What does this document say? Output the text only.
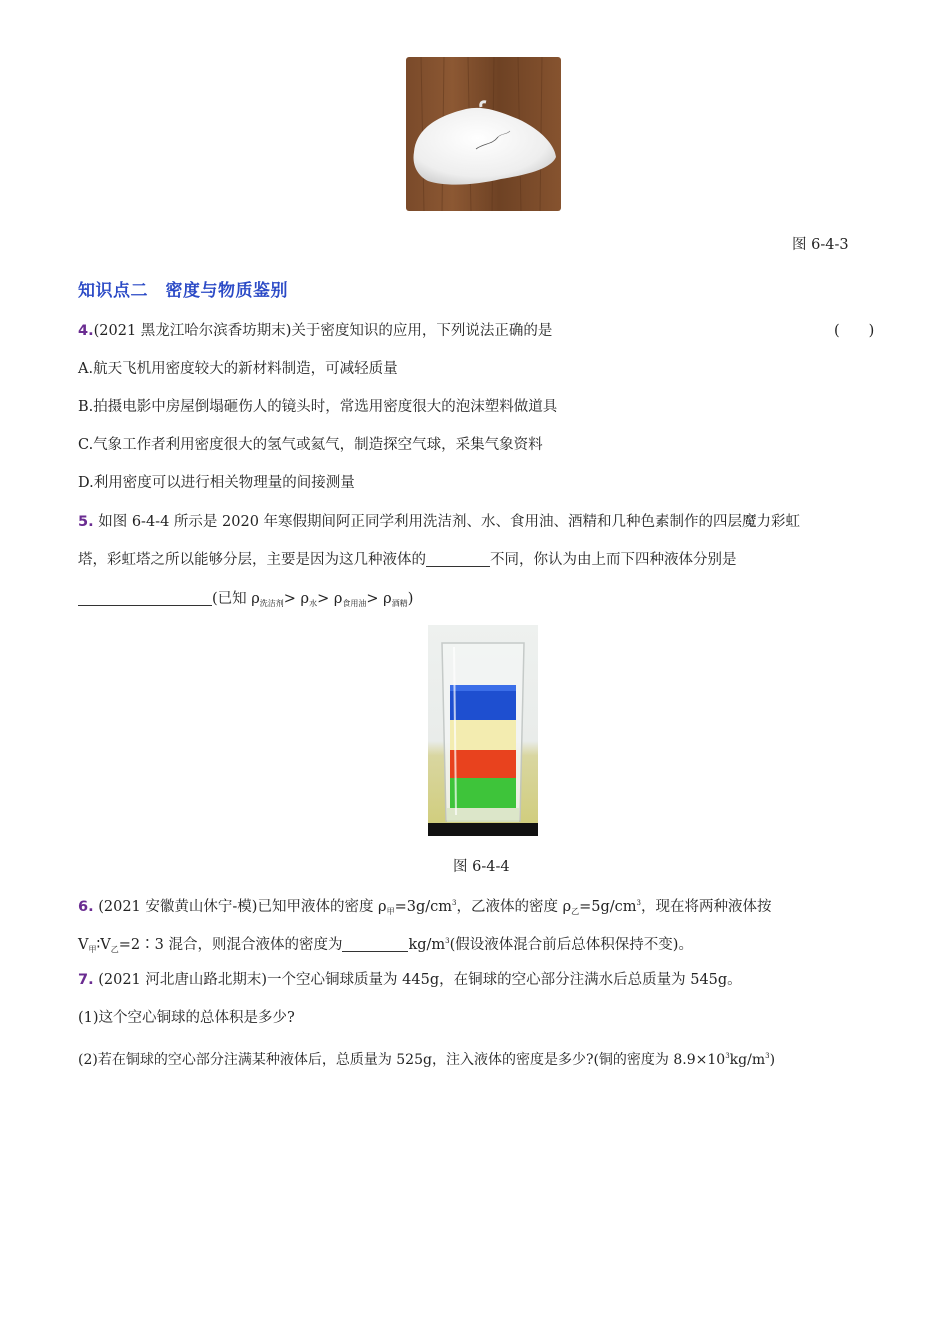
图 6-4-3
知识点二　密度与物质鉴别
4.(2021 黑龙江哈尔滨香坊期末)关于密度知识的应用，下列说法正确的是	(　　)
A.航天飞机用密度较大的新材料制造，可减轻质量
B.拍摄电影中房屋倒塌砸伤人的镜头时，常选用密度很大的泡沫塑料做道具
C.气象工作者利用密度很大的氢气或氦气，制造探空气球，采集气象资料
D.利用密度可以进行相关物理量的间接测量
5. 如图 6-4-4 所示是 2020 年寒假期间阿正同学利用洗洁剂、水、食用油、酒精和几种色素制作的四层魔力彩虹
塔，彩虹塔之所以能够分层，主要是因为这几种液体的	不同，你认为由上而下四种液体分别是
(已知 $\rho_{洗洁剂}> \rho_水> \rho_{食用油}> \rho_{酒精}$)
图 6-4-4
6. (2021 安徽黄山休宁-模)已知甲液体的密度 $\rho_甲=3g/cm^3$，乙液体的密度 $\rho_乙=5g/cm^3$，现在将两种液体按
$V_甲∶V_乙=2∶3$ 混合，则混合液体的密度为	$kg/m^3$(假设液体混合前后总体积保持不变)。
7. (2021 河北唐山路北期末)一个空心铜球质量为 445g，在铜球的空心部分注满水后总质量为 545g。
(1)这个空心铜球的总体积是多少?
(2)若在铜球的空心部分注满某种液体后，总质量为 525g，注入液体的密度是多少?(铜的密度为 $8.9\times 10^3kg/m^3$)
